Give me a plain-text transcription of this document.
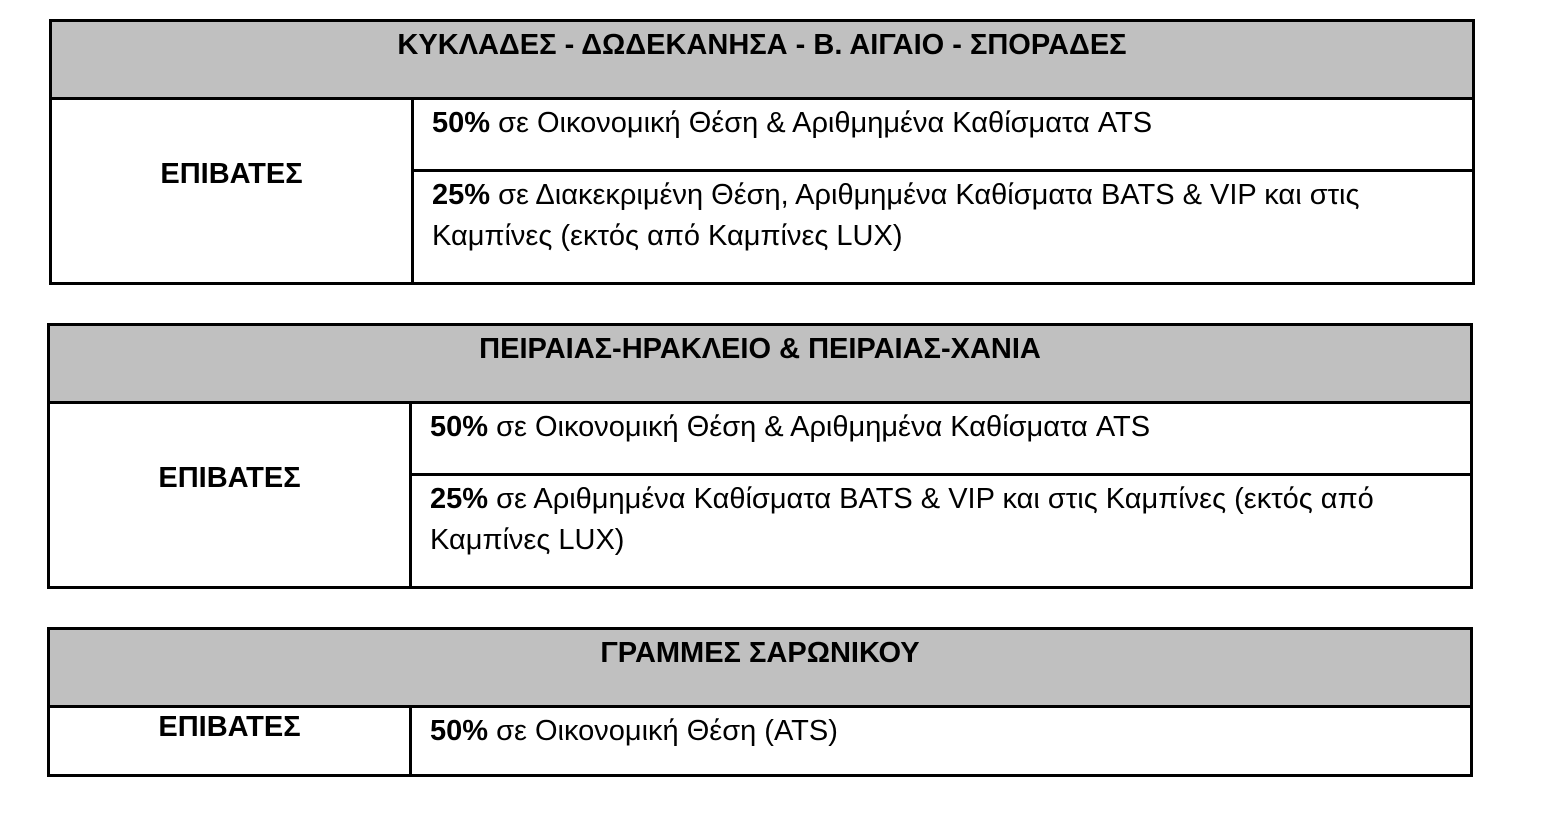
ΚΥΚΛΑΔΕΣ - ΔΩΔΕΚΑΝΗΣΑ - Β. ΑΙΓΑΙΟ - ΣΠΟΡΑΔΕΣ
ΕΠΙΒΑΤΕΣ
50% σε Οικονομική Θέση & Αριθμημένα Καθίσματα ATS
25% σε Διακεκριμένη Θέση, Αριθμημένα Καθίσματα BATS & VIP και στις Καμπίνες (εκτός από Καμπίνες LUX)
ΠΕΙΡΑΙΑΣ-ΗΡΑΚΛΕΙΟ & ΠΕΙΡΑΙΑΣ-ΧΑΝΙΑ
ΕΠΙΒΑΤΕΣ
50% σε Οικονομική Θέση & Αριθμημένα Καθίσματα ATS
25% σε Αριθμημένα Καθίσματα BATS & VIP και στις Καμπίνες (εκτός από Καμπίνες LUX)
ΓΡΑΜΜΕΣ ΣΑΡΩΝΙΚΟΥ
ΕΠΙΒΑΤΕΣ	50% σε Οικονομική Θέση (ATS)
